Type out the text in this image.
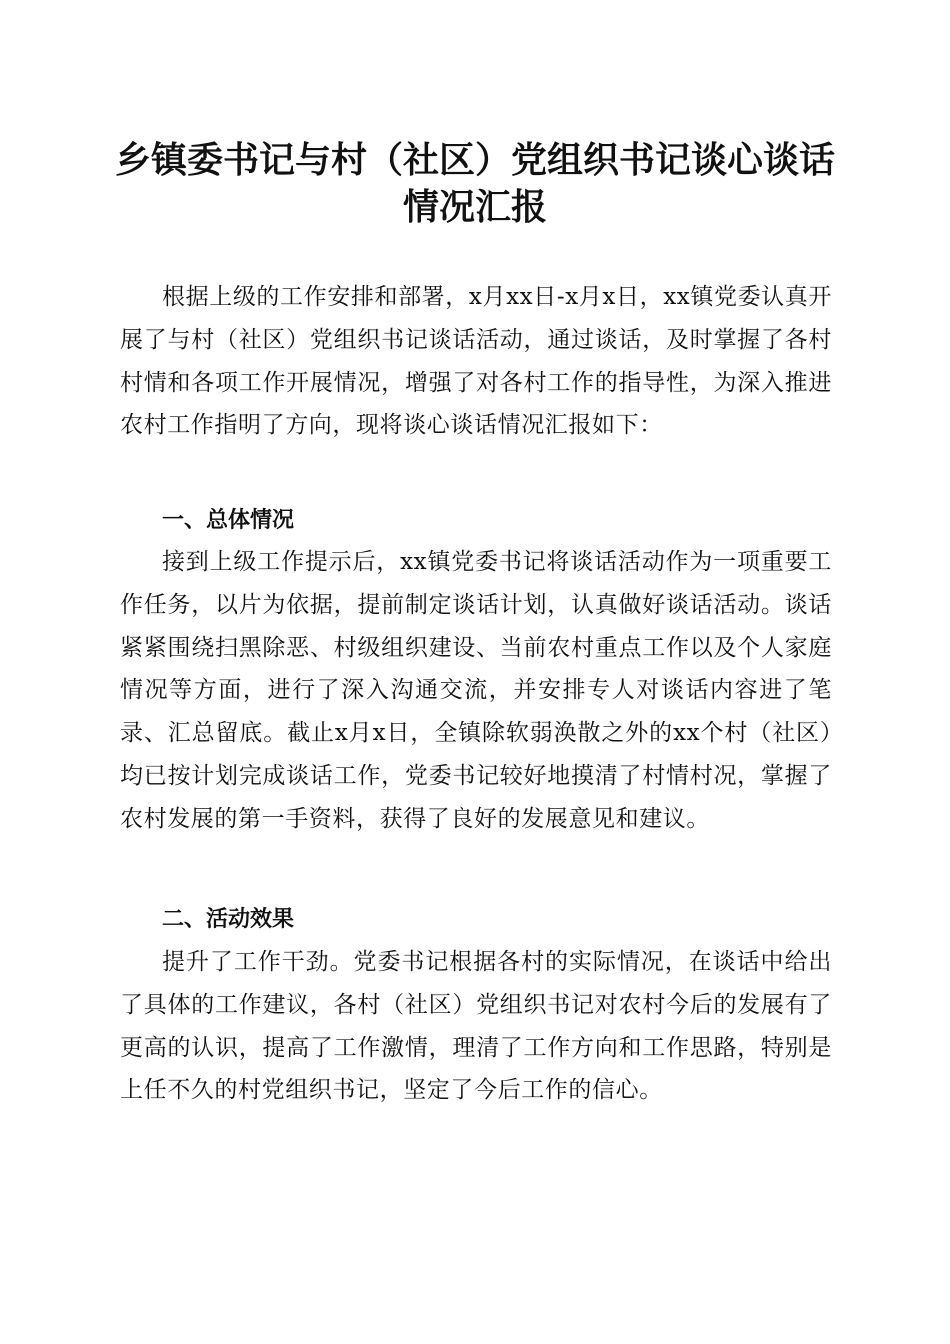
乡镇委书记与村（社区）党组织书记谈心谈话
情况汇报

根据上级的工作安排和部署，x月xx日-x月x日，xx镇党委认真开展了与村（社区）党组织书记谈话活动，通过谈话，及时掌握了各村村情和各项工作开展情况，增强了对各村工作的指导性，为深入推进农村工作指明了方向，现将谈心谈话情况汇报如下：

一、总体情况

接到上级工作提示后，xx镇党委书记将谈话活动作为一项重要工作任务，以片为依据，提前制定谈话计划，认真做好谈话活动。谈话紧紧围绕扫黑除恶、村级组织建设、当前农村重点工作以及个人家庭情况等方面，进行了深入沟通交流，并安排专人对谈话内容进了笔录、汇总留底。截止x月x日，全镇除软弱涣散之外的xx个村（社区）均已按计划完成谈话工作，党委书记较好地摸清了村情村况，掌握了农村发展的第一手资料，获得了良好的发展意见和建议。

二、活动效果

提升了工作干劲。党委书记根据各村的实际情况，在谈话中给出了具体的工作建议，各村（社区）党组织书记对农村今后的发展有了更高的认识，提高了工作激情，理清了工作方向和工作思路，特别是上任不久的村党组织书记，坚定了今后工作的信心。
